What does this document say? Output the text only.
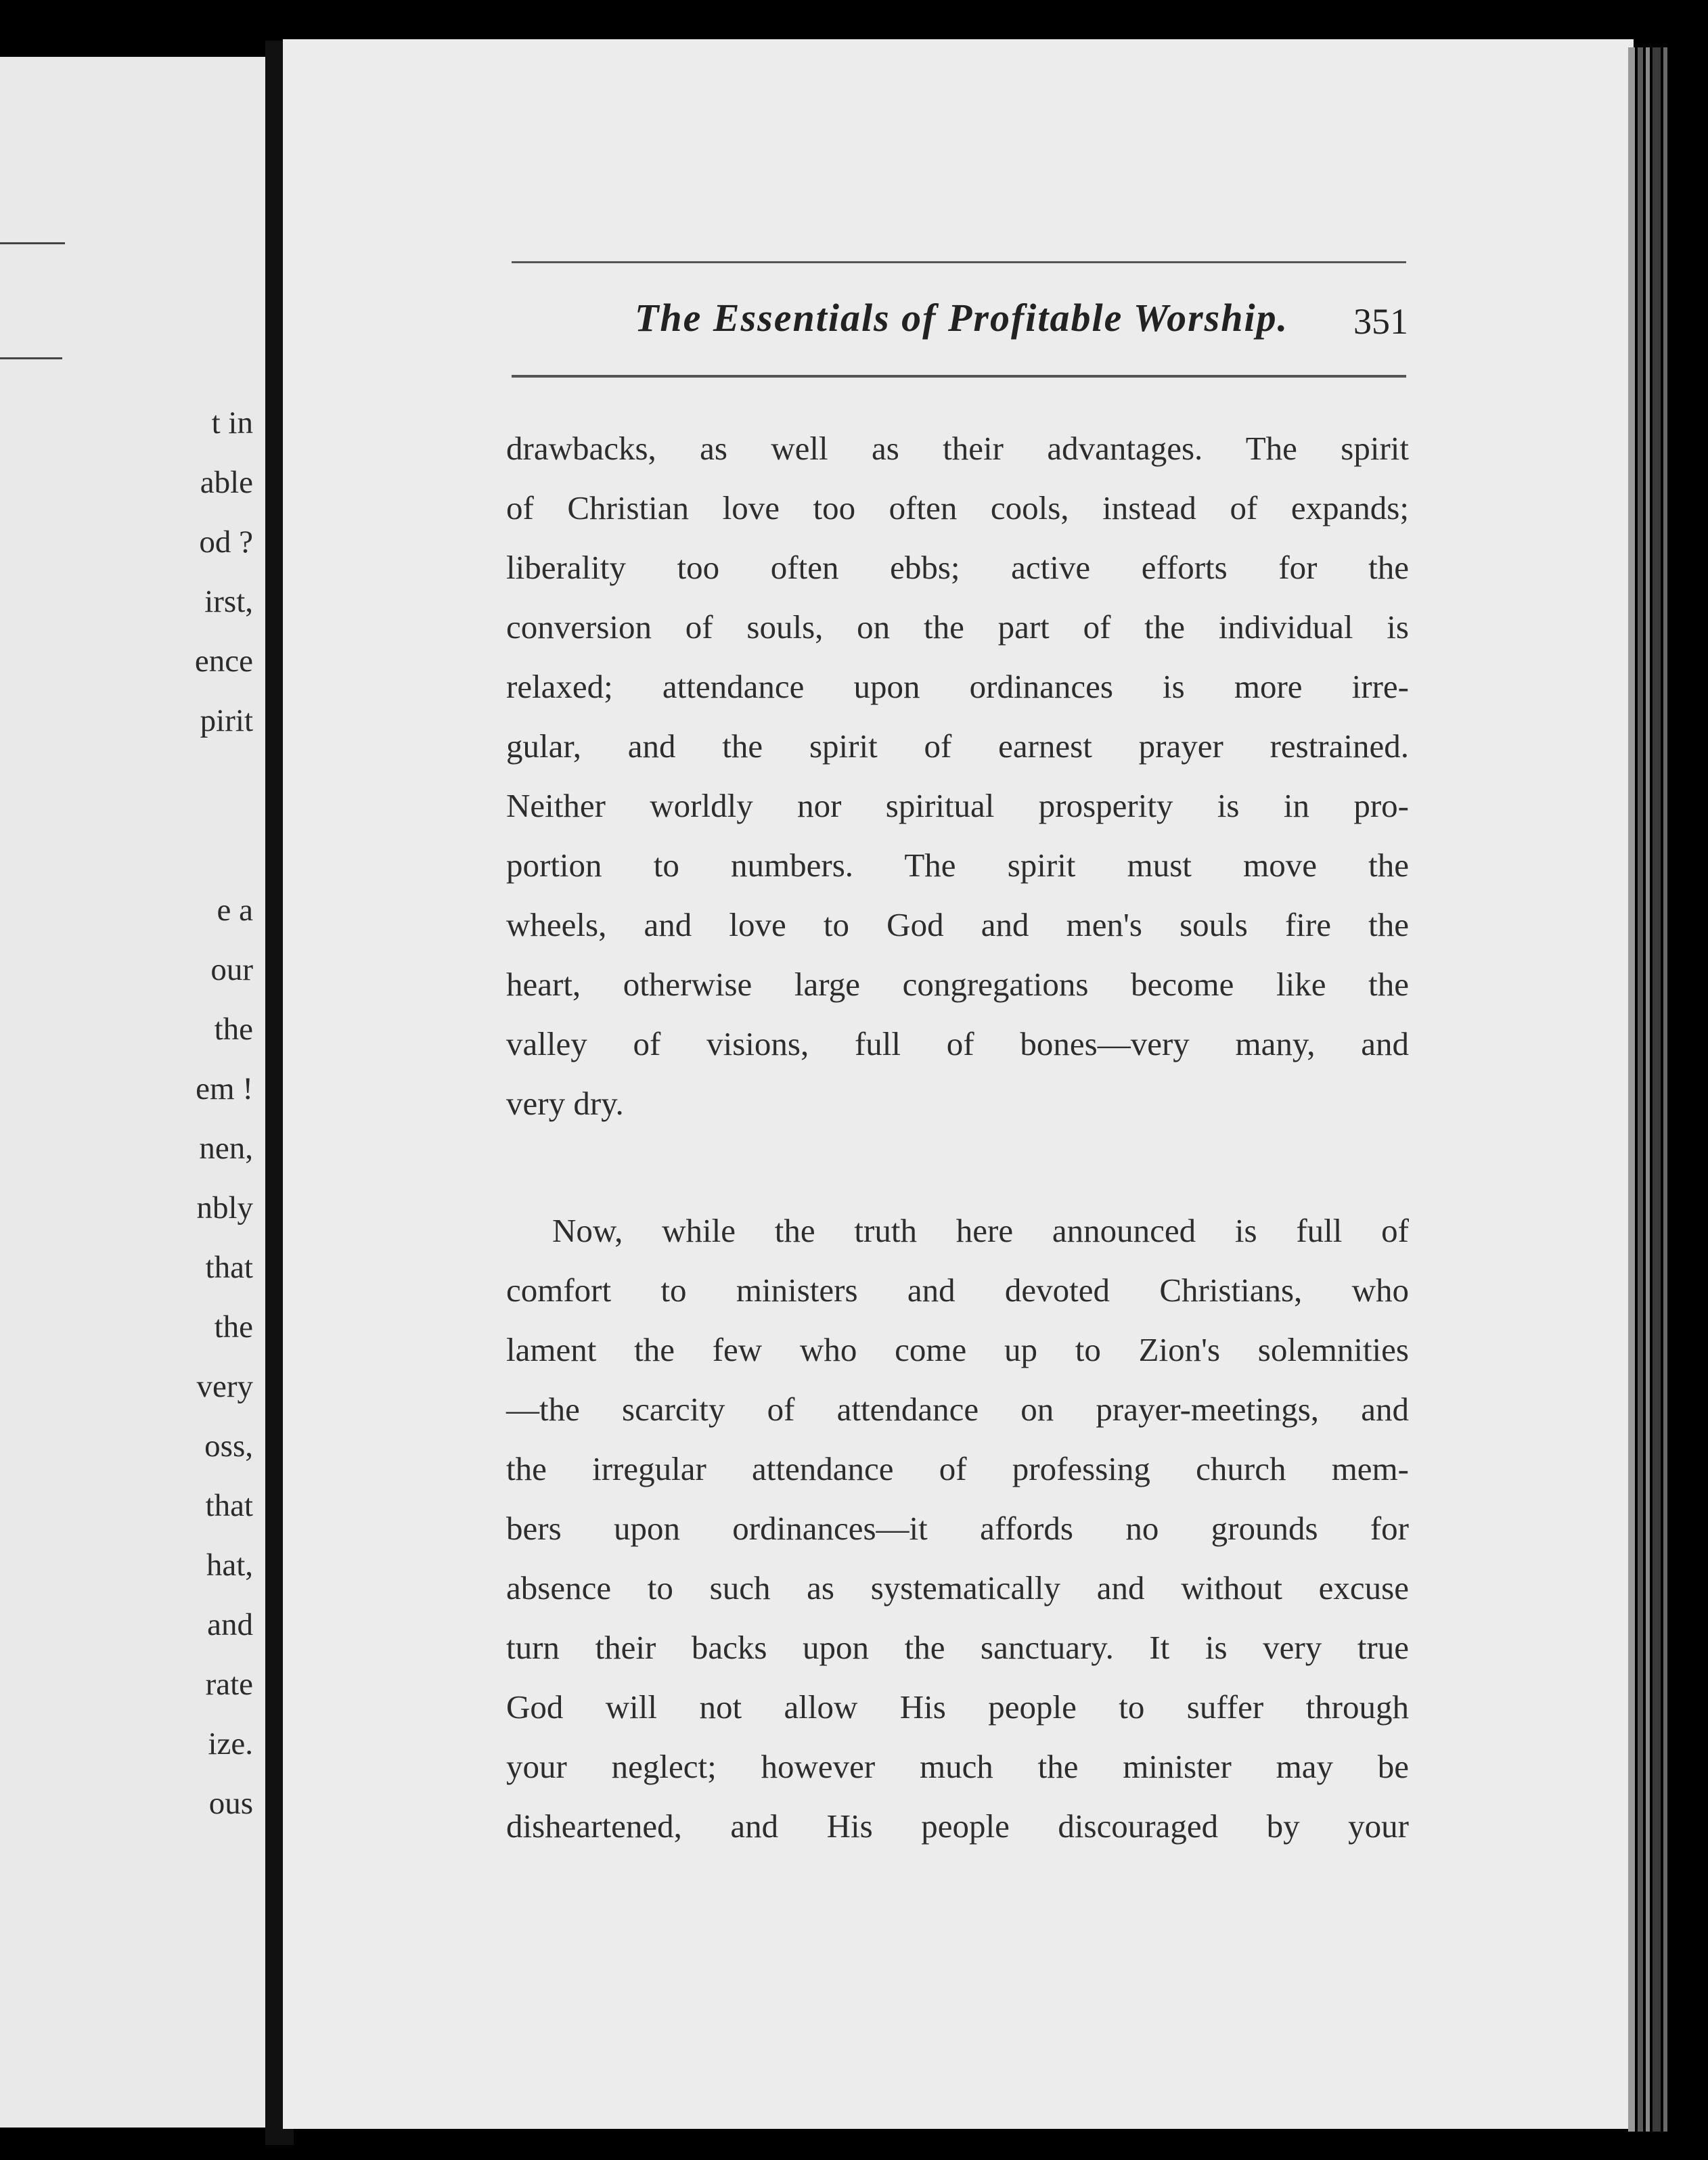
t in
able
od ?
irst,
ence
pirit
e a
our
the
em !
nen,
nbly
that
the
very
oss,
that
hat,
and
rate
ize.
ous
The Essentials of Profitable Worship. 351
drawbacks, as well as their advantages. The spirit
of Christian love too often cools, instead of expands;
liberality too often ebbs; active efforts for the
conversion of souls, on the part of the individual is
relaxed; attendance upon ordinances is more irre-
gular, and the spirit of earnest prayer restrained.
Neither worldly nor spiritual prosperity is in pro-
portion to numbers. The spirit must move the
wheels, and love to God and men's souls fire the
heart, otherwise large congregations become like the
valley of visions, full of bones—very many, and
very dry.
Now, while the truth here announced is full of
comfort to ministers and devoted Christians, who
lament the few who come up to Zion's solemnities
—the scarcity of attendance on prayer-meetings, and
the irregular attendance of professing church mem-
bers upon ordinances—it affords no grounds for
absence to such as systematically and without excuse
turn their backs upon the sanctuary. It is very true
God will not allow His people to suffer through
your neglect; however much the minister may be
disheartened, and His people discouraged by your
